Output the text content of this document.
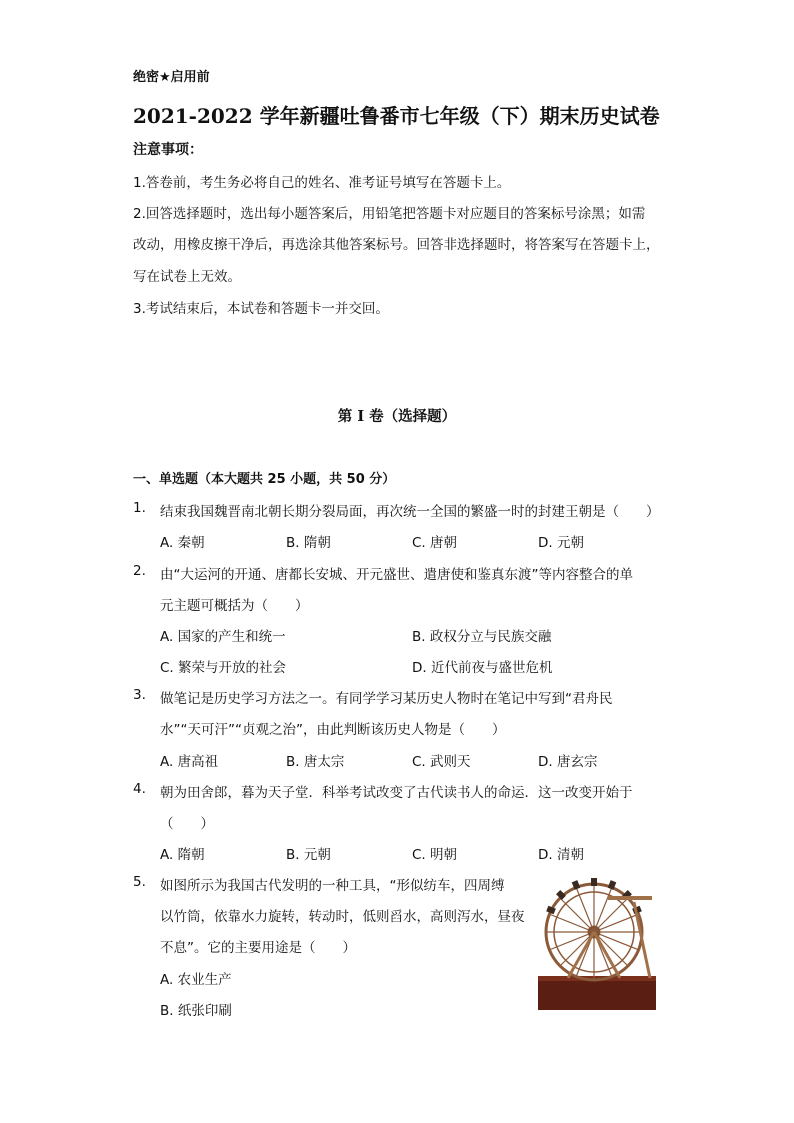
绝密★启用前
2021-2022 学年新疆吐鲁番市七年级（下）期末历史试卷
注意事项：
1.答卷前，考生务必将自己的姓名、准考证号填写在答题卡上。
2.回答选择题时，选出每小题答案后，用铅笔把答题卡对应题目的答案标号涂黑；如需
改动，用橡皮擦干净后，再选涂其他答案标号。回答非选择题时，将答案写在答题卡上，
写在试卷上无效。
3.考试结束后，本试卷和答题卡一并交回。
第 I 卷（选择题）
一、单选题（本大题共 25 小题，共 50 分）
1. 结束我国魏晋南北朝长期分裂局面，再次统一全国的繁盛一时的封建王朝是（　　）
A. 秦朝	B. 隋朝	C. 唐朝	D. 元朝
2. 由“大运河的开通、唐都长安城、开元盛世、遣唐使和鉴真东渡”等内容整合的单
元主题可概括为（　　）
A. 国家的产生和统一	B. 政权分立与民族交融
C. 繁荣与开放的社会	D. 近代前夜与盛世危机
3. 做笔记是历史学习方法之一。有同学学习某历史人物时在笔记中写到“君舟民
水”“天可汗”“贞观之治”，由此判断该历史人物是（　　）
A. 唐高祖	B. 唐太宗	C. 武则天	D. 唐玄宗
4. 朝为田舍郎，暮为天子堂．科举考试改变了古代读书人的命运．这一改变开始于
（　　）
A. 隋朝	B. 元朝	C. 明朝	D. 清朝
5. 如图所示为我国古代发明的一种工具，“形似纺车，四周缚
以竹筒，依靠水力旋转，转动时，低则舀水，高则泻水，昼夜
不息”。它的主要用途是（　　）
A. 农业生产
B. 纸张印刷
